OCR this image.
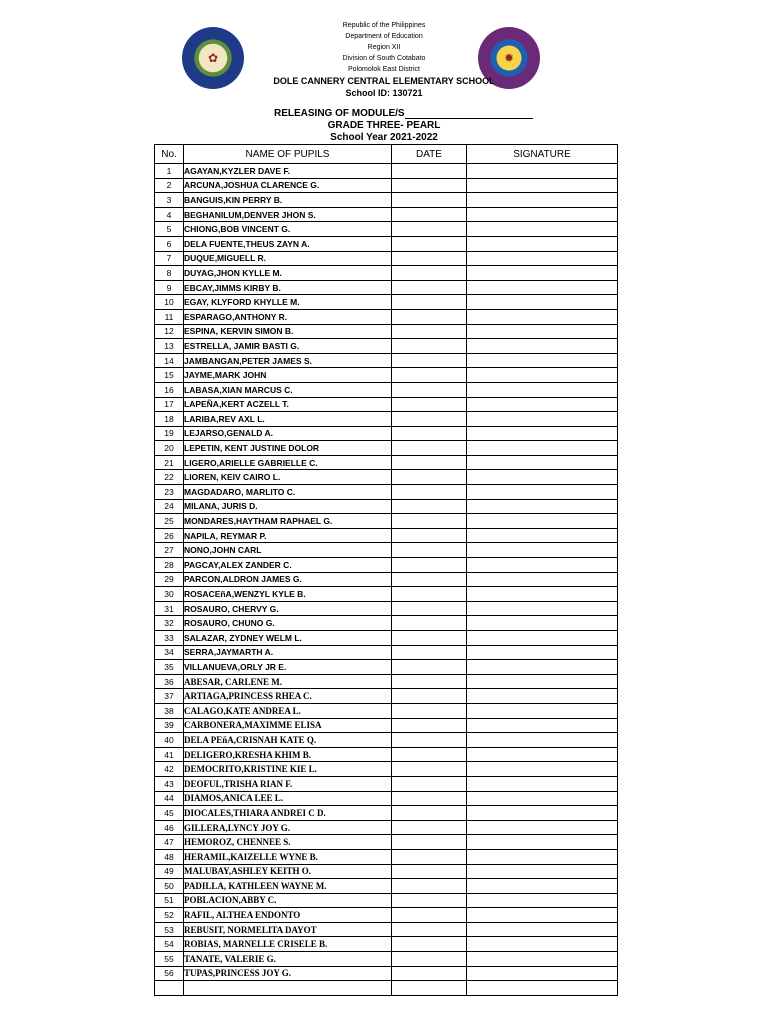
✿	✹
Republic of the Philippines
Department of Education
Region XII
Division of South Cotabato
Polomolok East District
DOLE CANNERY CENTRAL ELEMENTARY SCHOOL
School ID: 130721
RELEASING OF MODULE/S
GRADE THREE- PEARL
School Year 2021-2022
No.	NAME OF PUPILS	DATE	SIGNATURE
1	AGAYAN,KYZLER DAVE F.		
2	ARCUNA,JOSHUA CLARENCE G.		
3	BANGUIS,KIN PERRY B.		
4	BEGHANILUM,DENVER JHON S.		
5	CHIONG,BOB VINCENT G.		
6	DELA FUENTE,THEUS ZAYN A.		
7	DUQUE,MIGUELL R.		
8	DUYAG,JHON KYLLE M.		
9	EBCAY,JIMMS KIRBY B.		
10	EGAY, KLYFORD KHYLLE M.		
11	ESPARAGO,ANTHONY R.		
12	ESPINA, KERVIN SIMON B.		
13	ESTRELLA, JAMIR BASTI G.		
14	JAMBANGAN,PETER JAMES S.		
15	JAYME,MARK JOHN		
16	LABASA,XIAN MARCUS C.		
17	LAPEÑA,KERT ACZELL T.		
18	LARIBA,REV AXL L.		
19	LEJARSO,GENALD A.		
20	LEPETIN, KENT JUSTINE DOLOR		
21	LIGERO,ARIELLE GABRIELLE C.		
22	LIOREN, KEIV CAIRO L.		
23	MAGDADARO, MARLITO C.		
24	MILANA, JURIS D.		
25	MONDARES,HAYTHAM RAPHAEL G.		
26	NAPILA, REYMAR P.		
27	NONO,JOHN CARL		
28	PAGCAY,ALEX ZANDER C.		
29	PARCON,ALDRON JAMES G.		
30	ROSACEñA,WENZYL KYLE B.		
31	ROSAURO, CHERVY G.		
32	ROSAURO, CHUNO G.		
33	SALAZAR, ZYDNEY WELM L.		
34	SERRA,JAYMARTH A.		
35	VILLANUEVA,ORLY JR E.		
36	ABESAR, CARLENE M.		
37	ARTIAGA,PRINCESS RHEA C.		
38	CALAGO,KATE ANDREA L.		
39	CARBONERA,MAXIMME ELISA		
40	DELA PEñA,CRISNAH KATE Q.		
41	DELIGERO,KRESHA KHIM B.		
42	DEMOCRITO,KRISTINE KIE L.		
43	DEOFUL,TRISHA RIAN F.		
44	DIAMOS,ANICA LEE L.		
45	DIOCALES,THIARA ANDREI C D.		
46	GILLERA,LYNCY JOY G.		
47	HEMOROZ, CHENNEE S.		
48	HERAMIL,KAIZELLE WYNE B.		
49	MALUBAY,ASHLEY KEITH O.		
50	PADILLA, KATHLEEN WAYNE M.		
51	POBLACION,ABBY C.		
52	RAFIL, ALTHEA ENDONTO		
53	REBUSIT, NORMELITA DAYOT		
54	ROBIAS, MARNELLE CRISELE B.		
55	TANATE, VALERIE G.		
56	TUPAS,PRINCESS JOY G.		
